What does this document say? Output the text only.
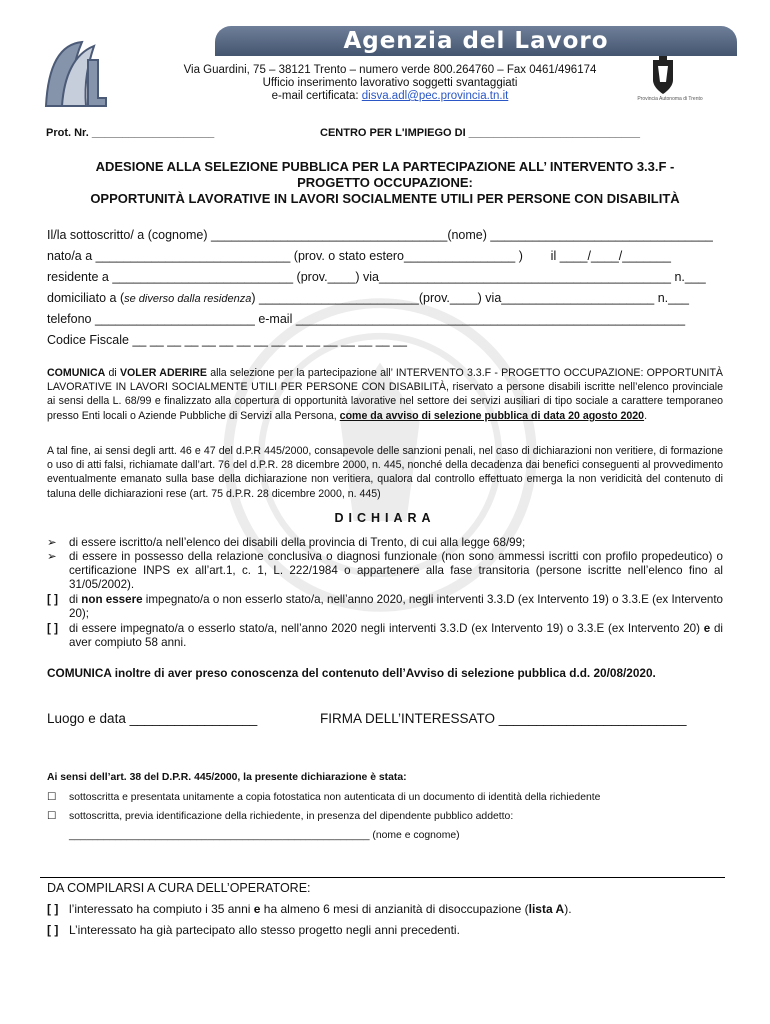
Agenzia del Lavoro
Via Guardini, 75 – 38121 Trento – numero verde 800.264760 – Fax 0461/496174
Ufficio inserimento lavorativo soggetti svantaggiati
e-mail certificata: disva.adl@pec.provincia.tn.it	Provincia Autonoma di Trento
Prot. Nr. ____________________	CENTRO PER L'IMPIEGO DI ____________________________
ADESIONE ALLA SELEZIONE PUBBLICA PER LA PARTECIPAZIONE ALL’ INTERVENTO 3.3.F -
PROGETTO OCCUPAZIONE:
OPPORTUNITÀ LAVORATIVE IN LAVORI SOCIALMENTE UTILI PER PERSONE CON DISABILITÀ
Il/la sottoscritto/ a (cognome) __________________________________(nome) ________________________________
nato/a a ____________________________ (prov. o stato estero________________ )        il ____/____/_______
residente a __________________________ (prov.____) via__________________________________________ n.___
domiciliato a (se diverso dalla residenza) _______________________(prov.____) via______________________ n.___
telefono _______________________ e-mail ________________________________________________________
Codice Fiscale __ __ __ __ __ __ __ __ __ __ __ __ __ __ __ __
COMUNICA di VOLER ADERIRE alla selezione per la partecipazione all’ INTERVENTO 3.3.F - PROGETTO OCCUPAZIONE: OPPORTUNITÀ LAVORATIVE IN LAVORI SOCIALMENTE UTILI PER PERSONE CON DISABILITÀ, riservato a persone disabili iscritte nell’elenco provinciale ai sensi della L. 68/99 e finalizzato alla copertura di opportunità lavorative nel settore dei servizi ausiliari di tipo sociale a carattere temporaneo presso Enti locali o Aziende Pubbliche di Servizi alla Persona, come da avviso di selezione pubblica di data 20 agosto 2020.
A tal fine, ai sensi degli artt. 46 e 47 del d.P.R 445/2000, consapevole delle sanzioni penali, nel caso di dichiarazioni non veritiere, di formazione o uso di atti falsi, richiamate dall’art. 76 del d.P.R. 28 dicembre 2000, n. 445, nonché della decadenza dai benefici conseguenti al provvedimento eventualmente emanato sulla base della dichiarazione non veritiera, qualora dal controllo effettuato emerga la non veridicità del contenuto di taluna delle dichiarazioni rese (art. 75 d.P.R. 28 dicembre 2000, n. 445)
DICHIARA
➢	di essere iscritto/a nell’elenco dei disabili della provincia di Trento, di cui alla legge 68/99;
➢	di essere in possesso della relazione conclusiva o diagnosi funzionale (non sono ammessi iscritti con profilo propedeutico) o certificazione INPS ex all’art.1, c. 1, L. 222/1984 o appartenere alla fase transitoria (persone iscritte nell’elenco fino al 31/05/2002).
[ ] di non essere impegnato/a o non esserlo stato/a, nell’anno 2020, negli interventi 3.3.D (ex Intervento 19) o 3.3.E (ex Intervento 20);
[ ] di essere impegnato/a o esserlo stato/a, nell’anno 2020 negli interventi 3.3.D (ex Intervento 19) o 3.3.E (ex Intervento 20) e di aver compiuto 58 anni.
COMUNICA inoltre di aver preso conoscenza del contenuto dell’Avviso di selezione pubblica d.d. 20/08/2020.
Luogo e data _________________	FIRMA DELL’INTERESSATO _________________________
Ai sensi dell’art. 38 del D.P.R. 445/2000, la presente dichiarazione è stata:
☐	sottoscritta e presentata unitamente a copia fotostatica non autenticata di un documento di identità della richiedente
☐	sottoscritta, previa identificazione della richiedente, in presenza del dipendente pubblico addetto:
____________________________________________________ (nome e cognome)
DA COMPILARSI A CURA DELL’OPERATORE:
[ ] l’interessato ha compiuto i 35 anni e ha almeno 6 mesi di anzianità di disoccupazione (lista A).
[ ] L’interessato ha già partecipato allo stesso progetto negli anni precedenti.
